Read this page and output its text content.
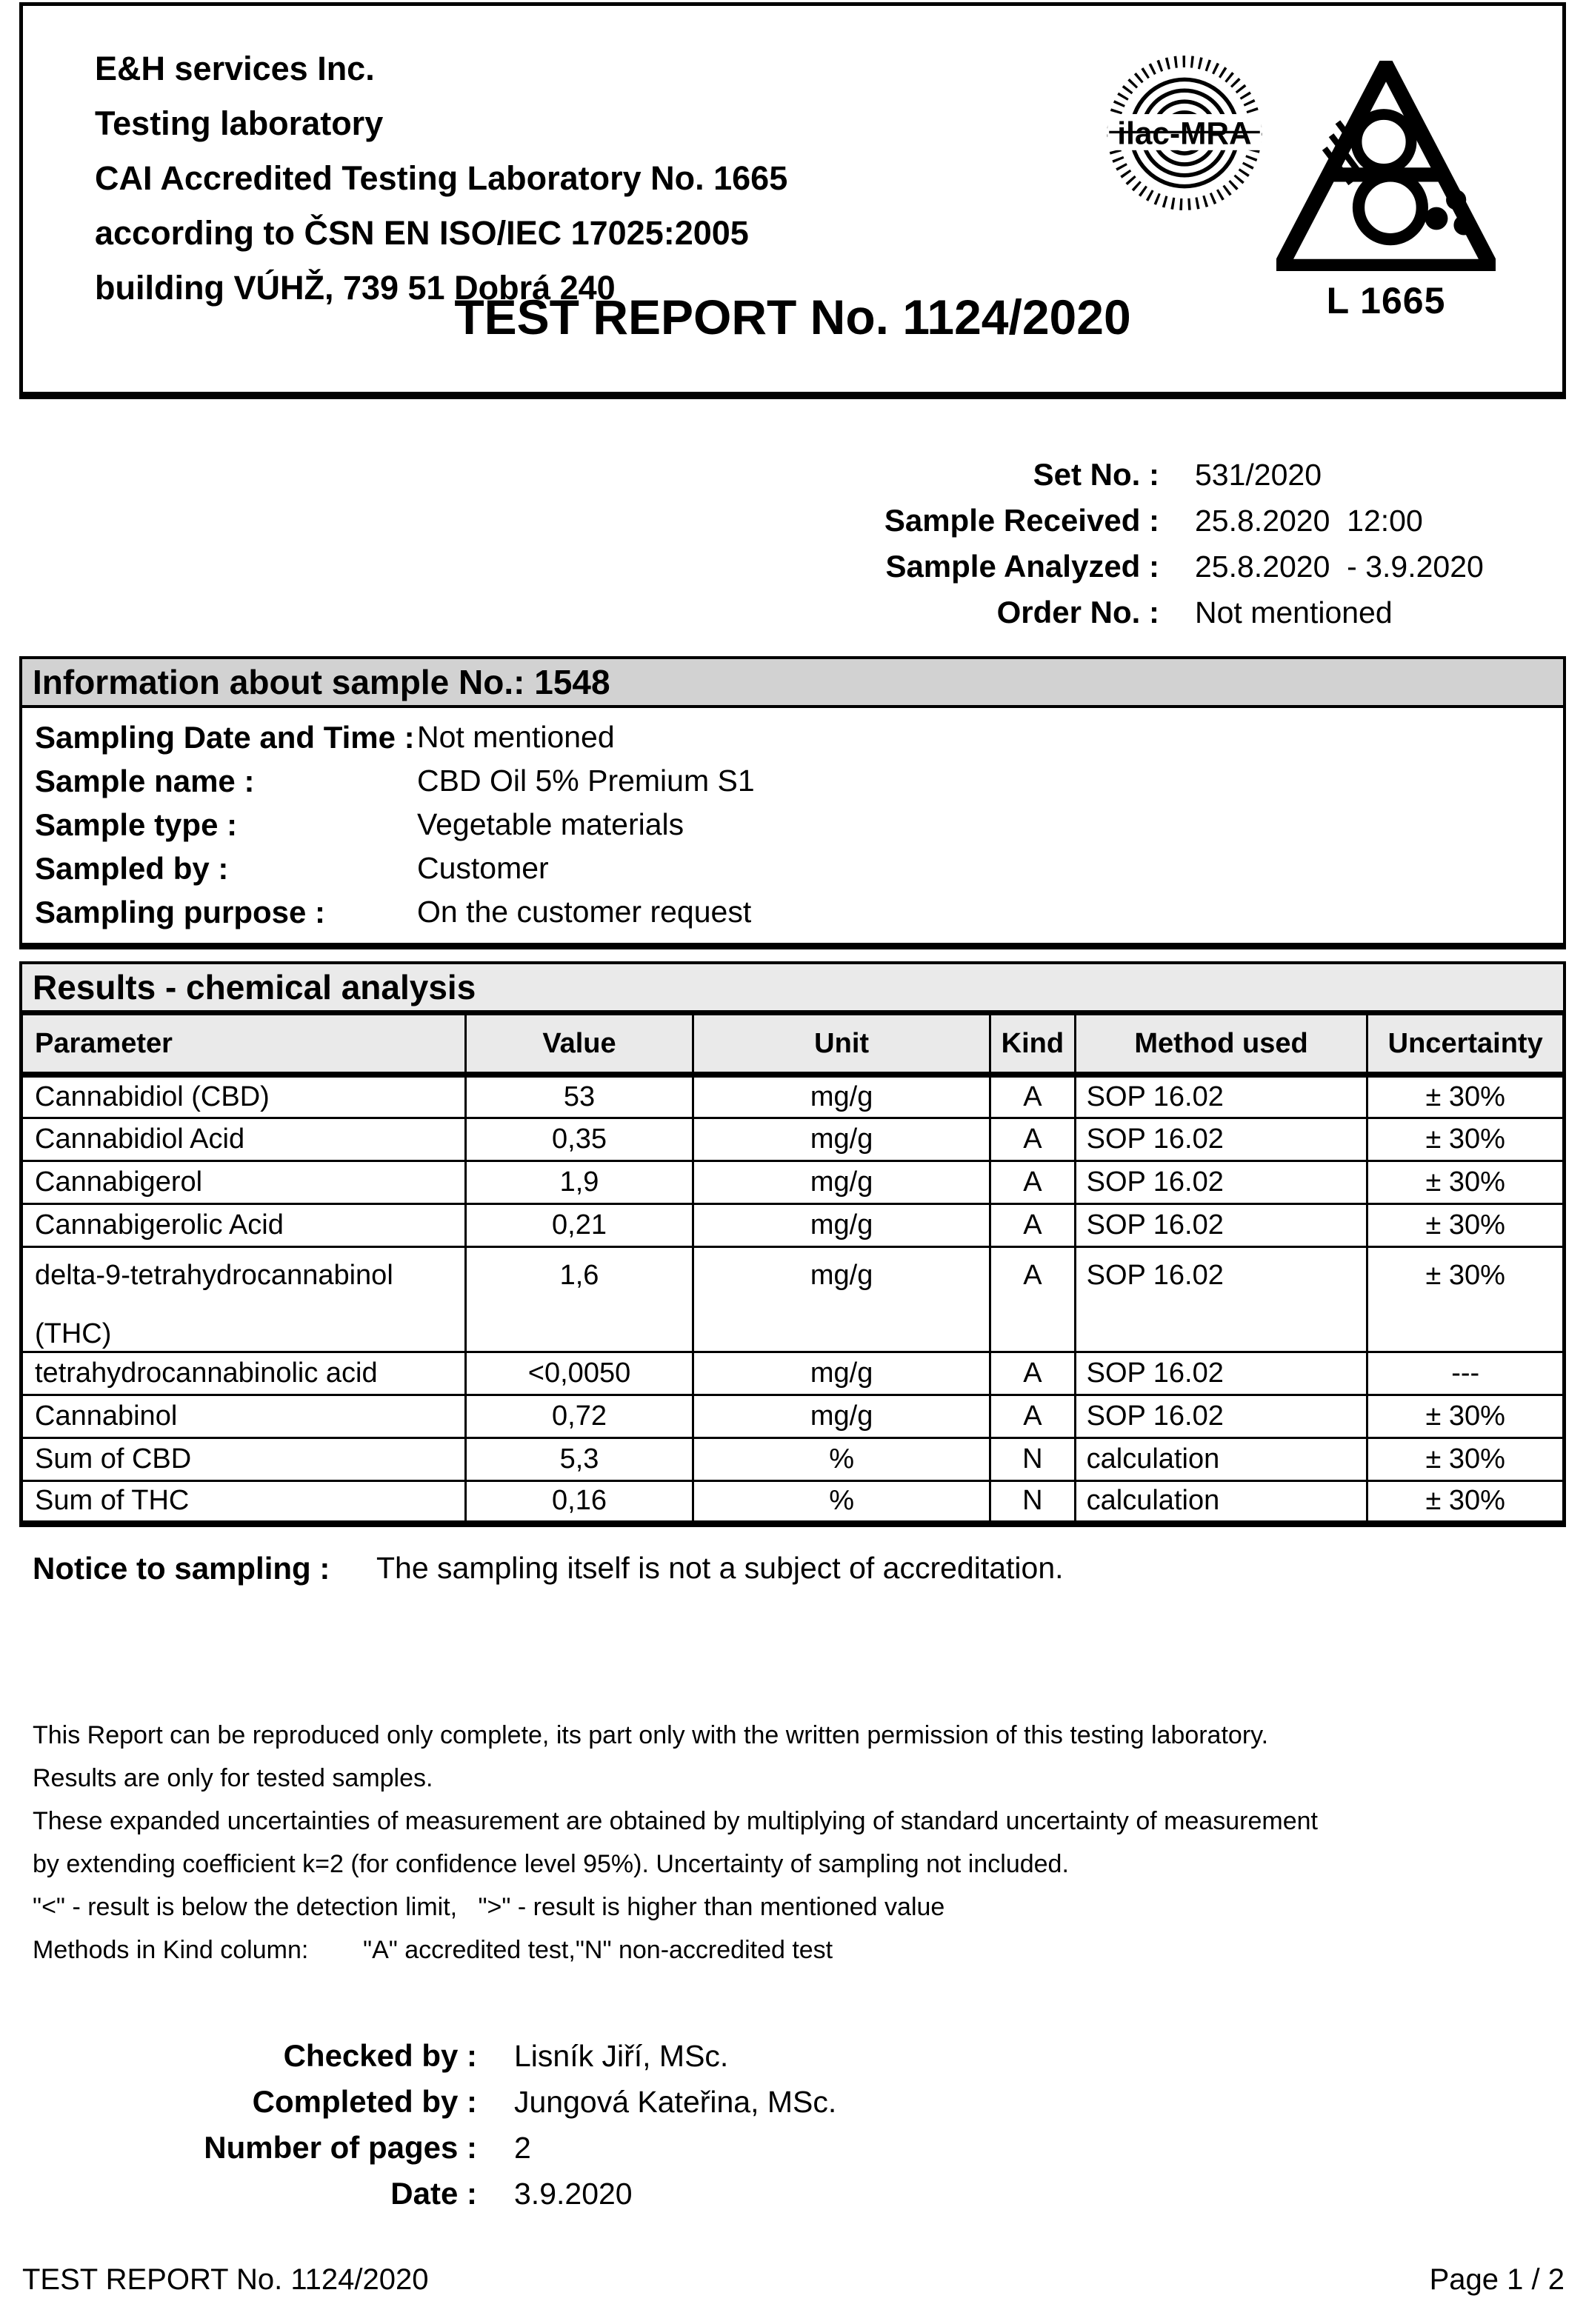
E&H services Inc.
Testing laboratory
CAI Accredited Testing Laboratory No. 1665
according to ČSN EN ISO/IEC 17025:2005
building VÚHŽ, 739 51 Dobrá 240
ilac-MRA
L 1665
TEST REPORT No. 1124/2020
Set No. : 531/2020
Sample Received : 25.8.2020  12:00
Sample Analyzed : 25.8.2020  - 3.9.2020
Order No. : Not mentioned
Information about sample No.: 1548
Sampling Date and Time : Not mentioned
Sample name :	CBD Oil 5% Premium S1
Sample type :	Vegetable materials
Sampled by :	Customer
Sampling purpose :	On the customer request
Results - chemical analysis
Parameter	Value	Unit	Kind	Method used	Uncertainty
Cannabidiol (CBD)	53	mg/g	A	SOP 16.02	± 30%
Cannabidiol Acid	0,35	mg/g	A	SOP 16.02	± 30%
Cannabigerol	1,9	mg/g	A	SOP 16.02	± 30%
Cannabigerolic Acid	0,21	mg/g	A	SOP 16.02	± 30%

delta-9-tetrahydrocannabinol
(THC)	1,6	mg/g	A	SOP 16.02	± 30%
tetrahydrocannabinolic acid	<0,0050	mg/g	A	SOP 16.02	---
Cannabinol	0,72	mg/g	A	SOP 16.02	± 30%
Sum of CBD	5,3	%	N	calculation	± 30%
Sum of THC	0,16	%	N	calculation	± 30%
Notice to sampling :	The sampling itself is not a subject of accreditation.
This Report can be reproduced only complete, its part only with the written permission of this testing laboratory.
Results are only for tested samples.
These expanded uncertainties of measurement are obtained by multiplying of standard uncertainty of measurement
by extending coefficient k=2 (for confidence level 95%). Uncertainty of sampling not included.
"<" - result is below the detection limit,   ">" - result is higher than mentioned value
Methods in Kind column: "A" accredited test,"N" non-accredited test
Checked by : Lisník Jiří, MSc.
Completed by : Jungová Kateřina, MSc.
Number of pages : 2
Date : 3.9.2020
TEST REPORT No. 1124/2020	Page 1 / 2
